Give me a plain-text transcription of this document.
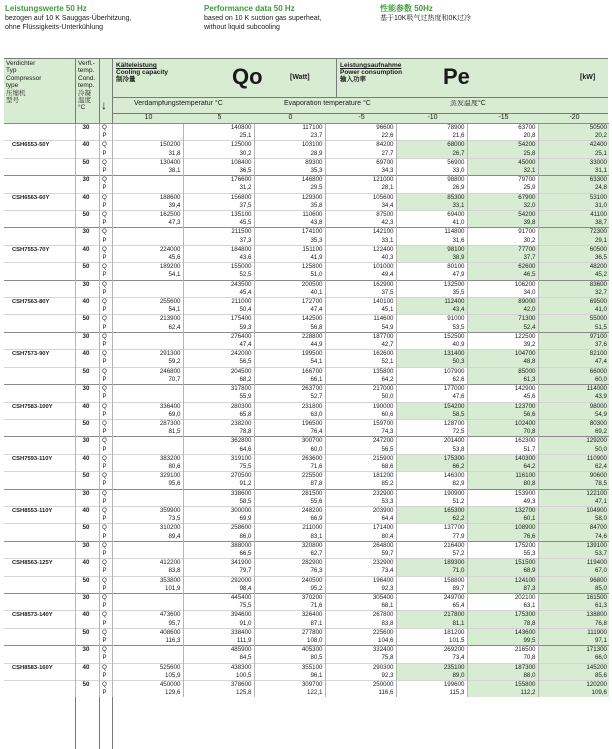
Leistungswerte 50 Hz
bezogen auf 10 K Sauggas-Überhitzung,
ohne Flüssigkeits-Unterkühlung
Performance data 50 Hz
based on 10 K suction gas superheat,
without liquid subcooling
性能参数 50Hz
基于10K吸气过热度和0K过冷
Verdichter
Typ
Compressor
type
压缩机
型号
Verfl.-
temp.
Cond.
temp.
冷凝
温度
°C	↓
Kälteleistung
Cooling capacity
制冷量	Qo	[Watt]
Leistungsaufnahme
Power consumption
输入功率	Pe	[kW]
Verdampfungstemperatur °C	Evaporation temperature °C	蒸发温度°C
10	5	0	-5	-10	-15	-20
	30	Q		140800	117100	96600	78900	63700	50500
		P		25,1	23,7	22,6	21,6	20,8	20,2
CSH6553-50Y	40	Q	150200	125000	103100	84200	68000	54200	42400
		P	31,8	30,2	28,9	27,7	26,7	25,8	25,1
	50	Q	130400	108400	89300	69700	56900	45000	33000
		P	38,1	36,5	35,3	34,3	33,0	32,1	31,1
	30	Q		176600	146800	121000	98800	79700	63300
		P		31,2	29,5	28,1	26,9	25,9	24,8
CSH6563-60Y	40	Q	188600	156800	129300	105600	85300	67900	53100
		P	39,4	37,5	35,8	34,4	33,1	32,0	31,0
	50	Q	162500	135100	110600	87500	69400	54200	41100
		P	47,3	45,5	43,8	42,3	41,0	39,8	38,7
	30	Q		211500	174100	142100	114800	91700	72300
		P		37,3	35,3	33,1	31,6	30,2	29,1
CSH7553-70Y	40	Q	224000	184800	151100	122400	98100	77700	60500
		P	45,6	43,6	41,9	40,3	38,9	37,7	36,5
	50	Q	189200	155000	125800	101000	80100	62600	48200
		P	54,1	52,5	51,0	49,4	47,9	46,5	45,2
	30	Q		243500	200500	162900	132500	106200	83600
		P		45,4	40,1	37,5	35,5	34,0	32,7
CSH7563-80Y	40	Q	255600	211000	172700	140100	112400	89000	69500
		P	54,1	50,4	47,4	45,1	43,4	42,0	41,0
	50	Q	213900	175400	142500	114600	91000	71300	55000
		P	62,4	59,3	56,8	54,9	53,5	52,4	51,5
	30	Q		276400	228800	187700	152500	122500	97100
		P		47,4	44,9	42,7	40,9	39,2	37,6
CSH7573-90Y	40	Q	291300	242000	199500	162600	131400	104700	82100
		P	59,2	56,5	54,1	52,1	50,3	48,8	47,4
	50	Q	246800	204500	166700	135800	107900	85000	66000
		P	70,7	68,2	66,1	64,2	62,6	61,3	60,0
	30	Q		317800	263700	217000	177000	142900	114000
		P		55,9	52,7	50,0	47,6	45,6	43,9
CSH7583-100Y	40	Q	336400	280300	231800	190000	154200	123700	98000
		P	69,0	65,8	63,0	60,6	58,5	56,6	54,9
	50	Q	287300	238200	196500	159700	128700	102400	80300
		P	81,5	78,8	76,4	74,3	72,5	70,8	69,2
	30	Q		362800	300700	247200	201400	162300	129200
		P		64,6	60,0	56,5	53,8	51,7	50,0
CSH7593-110Y	40	Q	383200	319100	263600	215900	175300	140300	110900
		P	80,6	75,5	71,6	68,6	66,2	64,2	62,4
	50	Q	329100	270500	225500	181200	146300	116100	90600
		P	95,6	91,2	87,8	85,2	82,9	80,8	78,5
	30	Q		338600	281500	232900	190900	153900	122100
		P		58,5	55,6	53,3	51,2	49,3	47,1
CSH8553-110Y	40	Q	359900	300000	248200	203900	165300	132700	104900
		P	73,5	69,9	66,9	64,4	62,2	60,1	58,0
	50	Q	310200	258600	211000	171400	137700	108900	84700
		P	89,4	86,0	83,1	80,4	77,9	76,6	74,6
	30	Q		388000	320800	264800	216400	175200	139100
		P		66,5	62,7	59,7	57,2	55,3	53,7
CSH8563-125Y	40	Q	412200	341900	282900	232900	189300	151500	119400
		P	83,8	79,7	76,3	73,4	71,0	68,9	67,0
	50	Q	353800	292000	240500	196400	158800	124100	96800
		P	101,9	98,4	95,2	92,3	89,7	87,3	85,0
	30	Q		445400	370200	305400	249700	202100	161500
		P		75,5	71,6	68,1	65,4	63,1	61,3
CSH8573-140Y	40	Q	473600	394600	326400	267800	217800	175300	138800
		P	95,7	91,0	87,1	83,8	81,1	78,8	76,8
	50	Q	408600	338400	277800	225600	181200	143600	111900
		P	116,3	111,9	108,0	104,6	101,5	99,5	97,1
	30	Q		485900	405300	332400	269200	216500	171300
		P		84,5	80,5	75,8	73,4	70,8	66,0
CSH8583-160Y	40	Q	525600	438300	355100	290300	235100	187300	145200
		P	105,9	100,5	96,1	92,3	89,0	88,0	85,6
	50	Q	450000	378600	309700	250000	199600	155800	120200
		P	129,6	125,8	122,1	116,6	115,3	112,2	109,6
